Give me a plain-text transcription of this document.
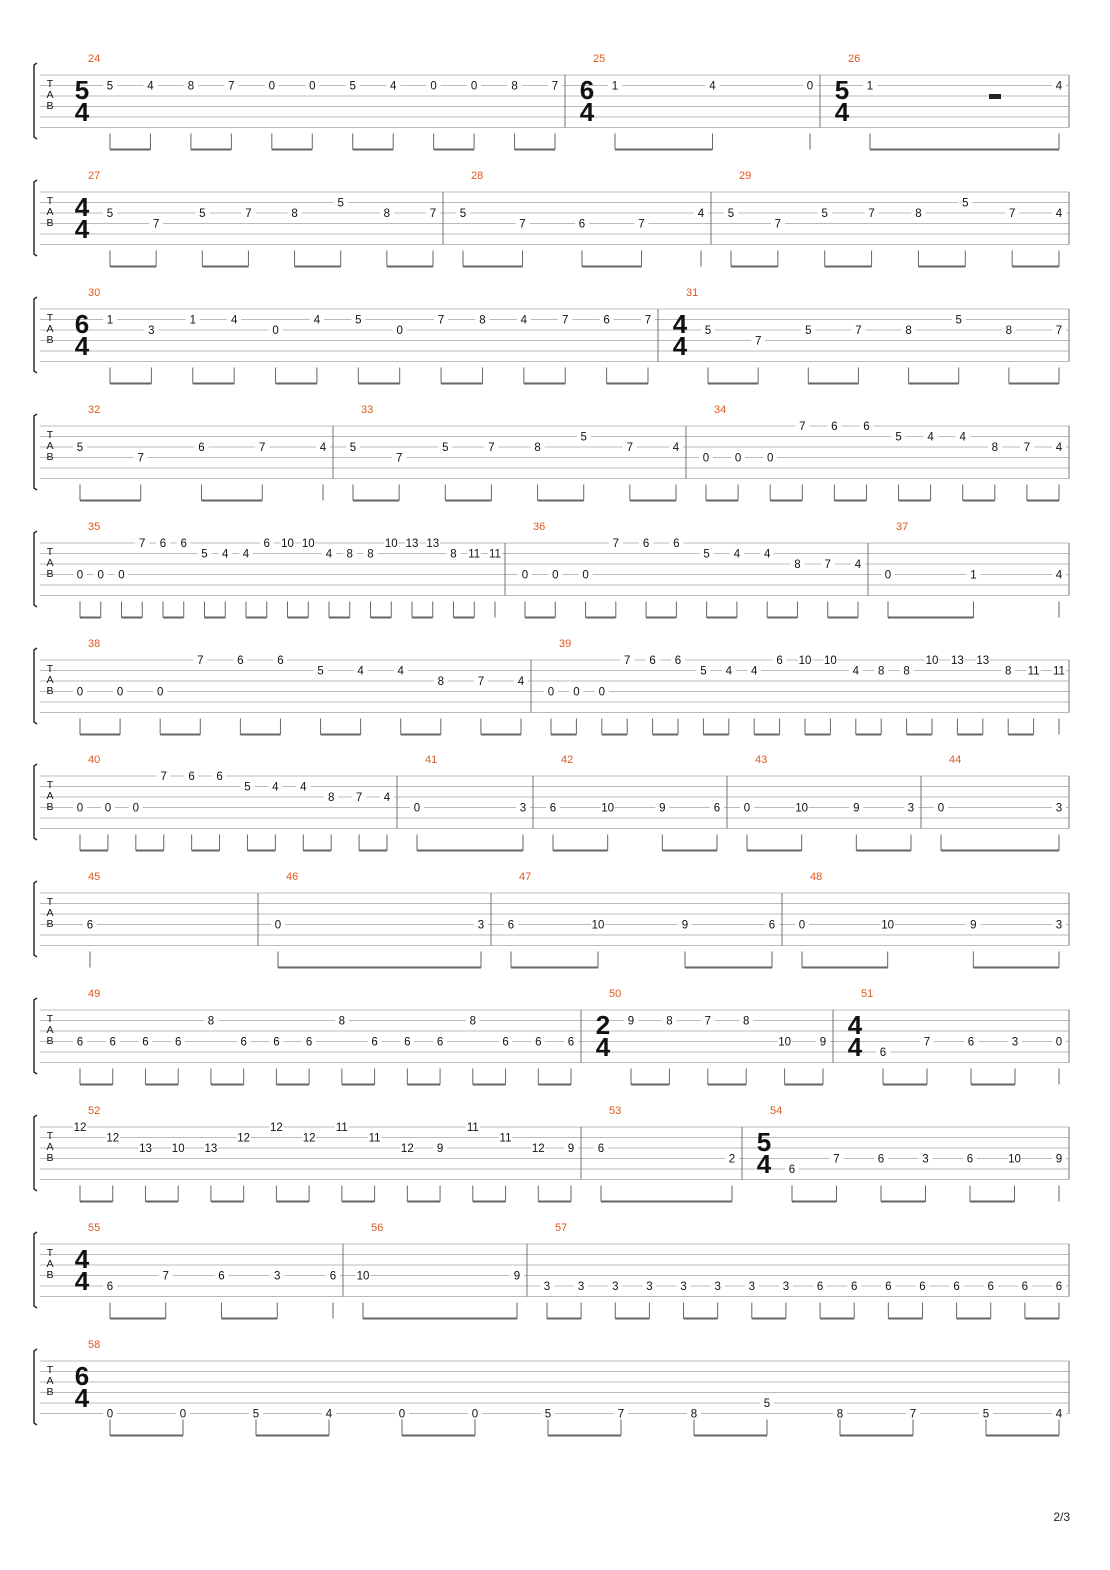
T
A
B
24
5
4
5	4	8	7	0	0	5	4	0	0	8	7
25
6
4
1	4	0
26
5
4
1	4
T
A
B
27
4
4 5
7
5	7	8
5
8	7
28
5
7	6	7
4
29
5
7
5	7	8
5
7	4
T
A
B
30
6
4
1
3
1	4
0
4	5
0
7	8	4	7	6	7
31
4
4 5
7
5	7	8
5
8	7
T
A
B
32
5
7
6	7	4
33
5
7
5	7	8
5
7	4
34
0 0 0
7 6 6
5 4 4
8 7 4
T
A
B
35
0 0 0
7 6 6
5 4 4
6 10 10
4 8 8
10 13 13
8 11 11
36
0 0 0
7 6 6
5 4 4
8 7 4
37
0	1	4
T
A
B
38
0	0	0
7	6	6
5	4	4
8	7	4
39
0 0 0
7 6 6
5 4 4
6 10 10
4 8 8
10 13 13
8 11 11
T
A
B
40
0 0 0
7 6 6
5 4 4
8 7 4
41
0	3
42
6	10	9	6
43
0	10	9	3
44
0	3
T
A
B
45
6
46
0	3
47
6	10	9	6
48
0	10	9	3
T
A
B
49
6 6 6 6
8
6 6 6
8
6 6 6
8
6 6 6
50
2
4
9	8	7	8
10	9
51
4
4 6
7	6	3	0
T
A
B
52
12
12
13 10 13
12
12
12
11
11
12 9
11
11
12 9
53
6
2
54
5
4 6
7	6	3	6	10	9
T
A
B
55
4
4 6
7	6	3	6
56
10	9
57
3 3 3 3 3 3 3 3 6 6 6 6 6 6 6 6
T
A
B
58
6
4
0	0	5	4	0	0	5	7	8
5
8	7	5	4
2/3
